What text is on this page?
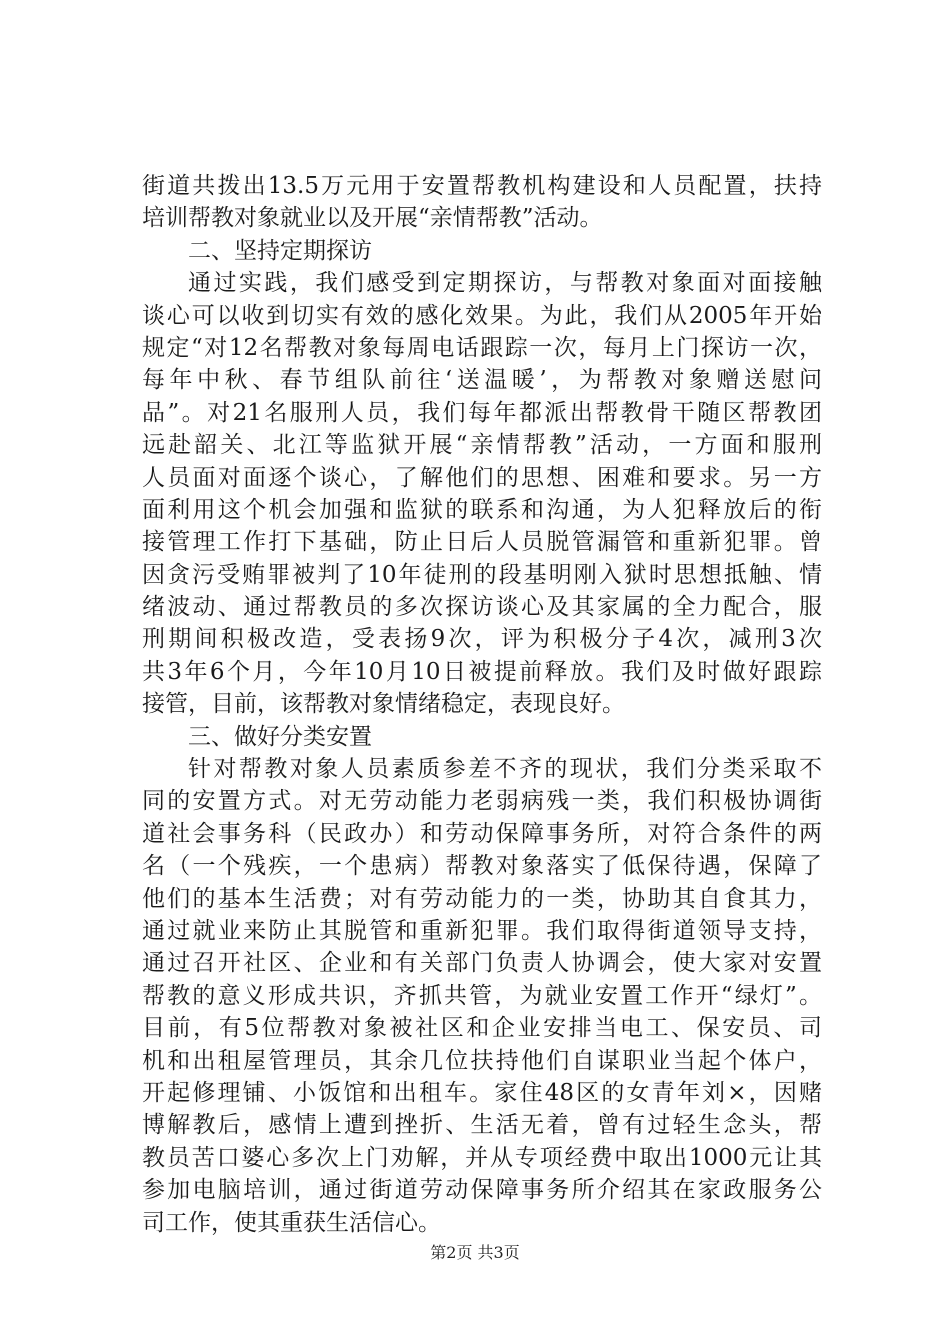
街道共拨出13.5万元用于安置帮教机构建设和人员配置，扶持
培训帮教对象就业以及开展“亲情帮教”活动。
二、坚持定期探访
通过实践，我们感受到定期探访，与帮教对象面对面接触
谈心可以收到切实有效的感化效果。为此，我们从2005年开始
规定“对12名帮教对象每周电话跟踪一次，每月上门探访一次，
每年中秋、春节组队前往‘送温暖’，为帮教对象赠送慰问
品”。对21名服刑人员，我们每年都派出帮教骨干随区帮教团
远赴韶关、北江等监狱开展“亲情帮教”活动，一方面和服刑
人员面对面逐个谈心，了解他们的思想、困难和要求。另一方
面利用这个机会加强和监狱的联系和沟通，为人犯释放后的衔
接管理工作打下基础，防止日后人员脱管漏管和重新犯罪。曾
因贪污受贿罪被判了10年徒刑的段基明刚入狱时思想抵触、情
绪波动、通过帮教员的多次探访谈心及其家属的全力配合，服
刑期间积极改造，受表扬9次，评为积极分子4次，减刑3次
共3年6个月，今年10月10日被提前释放。我们及时做好跟踪
接管，目前，该帮教对象情绪稳定，表现良好。
三、做好分类安置
针对帮教对象人员素质参差不齐的现状，我们分类采取不
同的安置方式。对无劳动能力老弱病残一类，我们积极协调街
道社会事务科（民政办）和劳动保障事务所，对符合条件的两
名（一个残疾，一个患病）帮教对象落实了低保待遇，保障了
他们的基本生活费；对有劳动能力的一类，协助其自食其力，
通过就业来防止其脱管和重新犯罪。我们取得街道领导支持，
通过召开社区、企业和有关部门负责人协调会，使大家对安置
帮教的意义形成共识，齐抓共管，为就业安置工作开“绿灯”。
目前，有5位帮教对象被社区和企业安排当电工、保安员、司
机和出租屋管理员，其余几位扶持他们自谋职业当起个体户，
开起修理铺、小饭馆和出租车。家住48区的女青年刘×，因赌
博解教后，感情上遭到挫折、生活无着，曾有过轻生念头，帮
教员苦口婆心多次上门劝解，并从专项经费中取出1000元让其
参加电脑培训，通过街道劳动保障事务所介绍其在家政服务公
司工作，使其重获生活信心。
第2页 共3页
